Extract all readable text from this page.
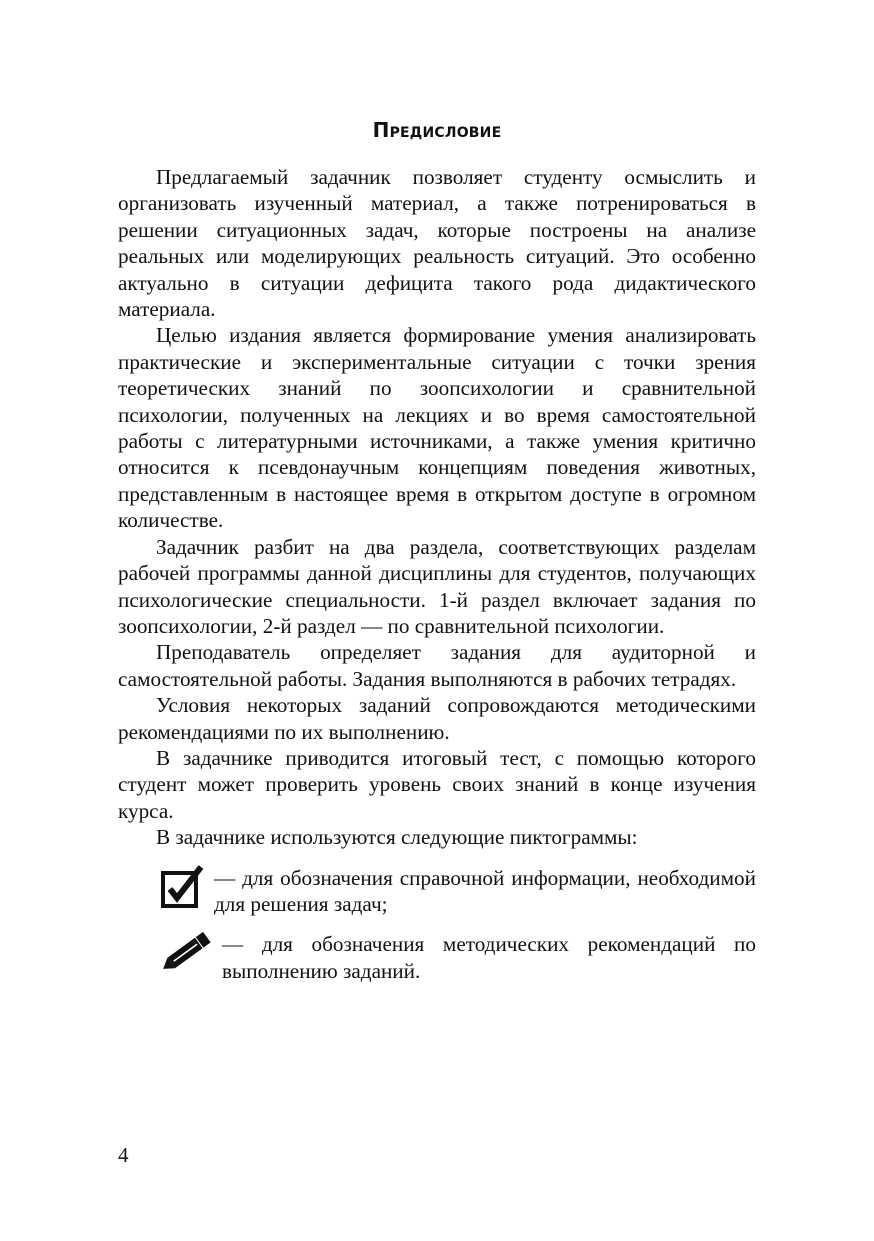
Предисловие

Предлагаемый задачник позволяет студенту осмыслить и организовать изученный материал, а также потренироваться в решении ситуационных задач, которые построены на анализе реальных или моделирующих реальность ситуаций. Это особенно актуально в ситуации дефицита такого рода дидактического материала.

Целью издания является формирование умения анализировать практические и экспериментальные ситуации с точки зрения теоретических знаний по зоопсихологии и сравнительной психологии, полученных на лекциях и во время самостоятельной работы с литературными источниками, а также умения критично относится к псевдонаучным концепциям поведения животных, представленным в настоящее время в открытом доступе в огромном количестве.

Задачник разбит на два раздела, соответствующих разделам рабочей программы данной дисциплины для студентов, получающих психологические специальности. 1-й раздел включает задания по зоопсихологии, 2-й раздел — по сравнительной психологии.

Преподаватель определяет задания для аудиторной и самостоятельной работы. Задания выполняются в рабочих тетрадях.

Условия некоторых заданий сопровождаются методическими рекомендациями по их выполнению.

В задачнике приводится итоговый тест, с помощью которого студент может проверить уровень своих знаний в конце изучения курса.

В задачнике используются следующие пиктограммы:

— для обозначения справочной информации, необходимой для решения задач;

— для обозначения методических рекомендаций по выполнению заданий.

4
